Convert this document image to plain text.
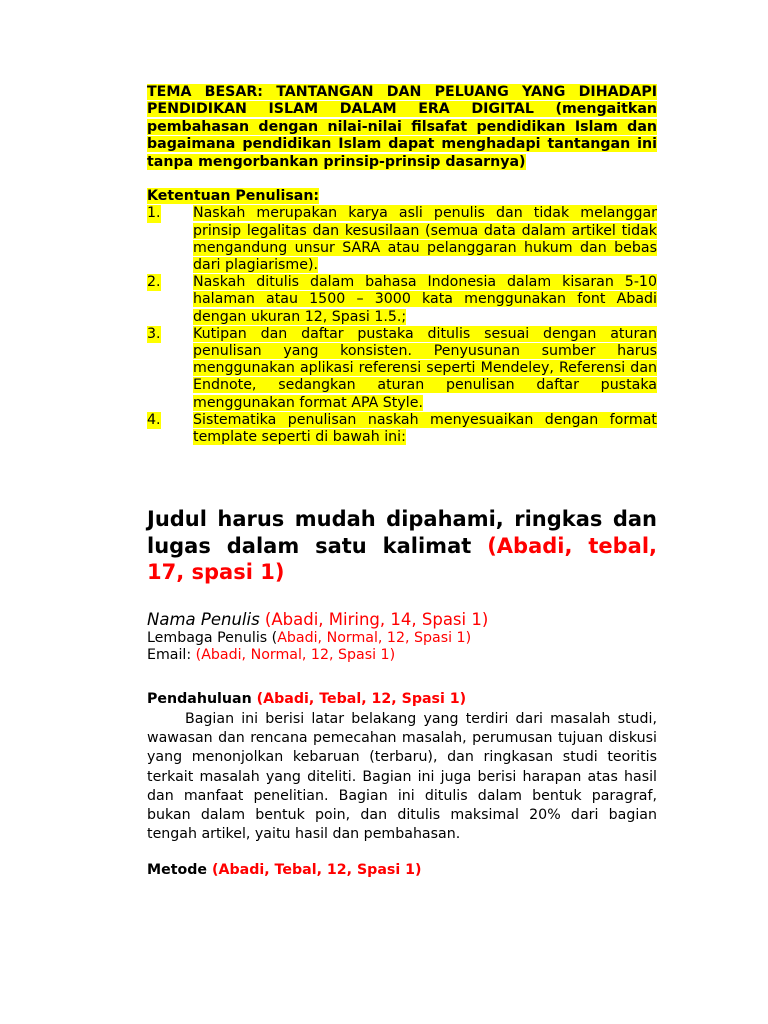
TEMA BESAR: TANTANGAN DAN PELUANG YANG DIHADAPI PENDIDIKAN ISLAM DALAM ERA DIGITAL (mengaitkan pembahasan dengan nilai-nilai filsafat pendidikan Islam dan bagaimana pendidikan Islam dapat menghadapi tantangan ini tanpa mengorbankan prinsip-prinsip dasarnya)

Ketentuan Penulisan:

1. Naskah merupakan karya asli penulis dan tidak melanggar prinsip legalitas dan kesusilaan (semua data dalam artikel tidak mengandung unsur SARA atau pelanggaran hukum dan bebas dari plagiarisme).
2. Naskah ditulis dalam bahasa Indonesia dalam kisaran 5-10 halaman atau 1500 – 3000 kata menggunakan font Abadi dengan ukuran 12, Spasi 1.5.;
3. Kutipan dan daftar pustaka ditulis sesuai dengan aturan penulisan yang konsisten. Penyusunan sumber harus menggunakan aplikasi referensi seperti Mendeley, Referensi dan Endnote, sedangkan aturan penulisan daftar pustaka menggunakan format APA Style.
4. Sistematika penulisan naskah menyesuaikan dengan format template seperti di bawah ini:
Judul harus mudah dipahami, ringkas dan lugas dalam satu kalimat (Abadi, tebal, 17, spasi 1)

Nama Penulis (Abadi, Miring, 14, Spasi 1)

Lembaga Penulis (Abadi, Normal, 12, Spasi 1)

Email: (Abadi, Normal, 12, Spasi 1)

Pendahuluan (Abadi, Tebal, 12, Spasi 1)

Bagian ini berisi latar belakang yang terdiri dari masalah studi, wawasan dan rencana pemecahan masalah, perumusan tujuan diskusi yang menonjolkan kebaruan (terbaru), dan ringkasan studi teoritis terkait masalah yang diteliti. Bagian ini juga berisi harapan atas hasil dan manfaat penelitian. Bagian ini ditulis dalam bentuk paragraf, bukan dalam bentuk poin, dan ditulis maksimal 20% dari bagian tengah artikel, yaitu hasil dan pembahasan.

Metode (Abadi, Tebal, 12, Spasi 1)
